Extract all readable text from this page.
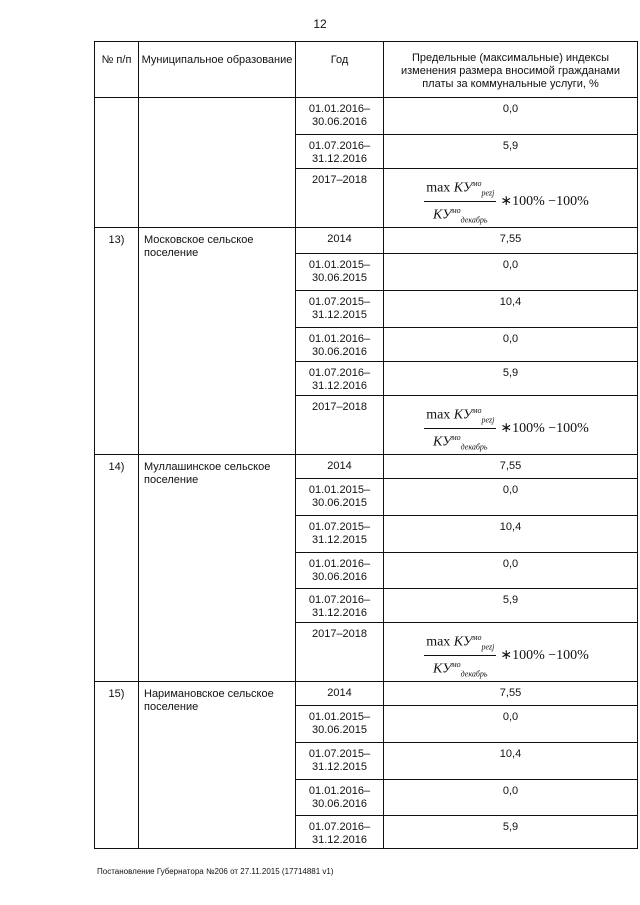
12
№ п/п	Муниципальное образование	Год	Предельные (максимальные) индексы изменения размера вносимой гражданами платы за коммунальные услуги, %
		01.01.2016–
30.06.2016	0,0
		01.07.2016–
31.12.2016	5,9
		2017–2018	$\frac{\max КУ^{мо}_{pezj}}{КУ^{мо}_{декабрь}}$ ∗100% −100%

13)	Московское сельское поселение	2014	7,55
		01.01.2015–
30.06.2015	0,0
		01.07.2015–
31.12.2015	10,4
		01.01.2016–
30.06.2016	0,0
		01.07.2016–
31.12.2016	5,9
		2017–2018	$\frac{\max КУ^{мо}_{pezj}}{КУ^{мо}_{декабрь}}$ ∗100% −100%

14)	Муллашинское сельское поселение	2014	7,55
		01.01.2015–
30.06.2015	0,0
		01.07.2015–
31.12.2015	10,4
		01.01.2016–
30.06.2016	0,0
		01.07.2016–
31.12.2016	5,9
		2017–2018	$\frac{\max КУ^{мо}_{pezj}}{КУ^{мо}_{декабрь}}$ ∗100% −100%

15)	Наримановское сельское поселение	2014	7,55
		01.01.2015–
30.06.2015	0,0
		01.07.2015–
31.12.2015	10,4
		01.01.2016–
30.06.2016	0,0
		01.07.2016–
31.12.2016	5,9
Постановление Губернатора №206 от 27.11.2015 (17714881 v1)
